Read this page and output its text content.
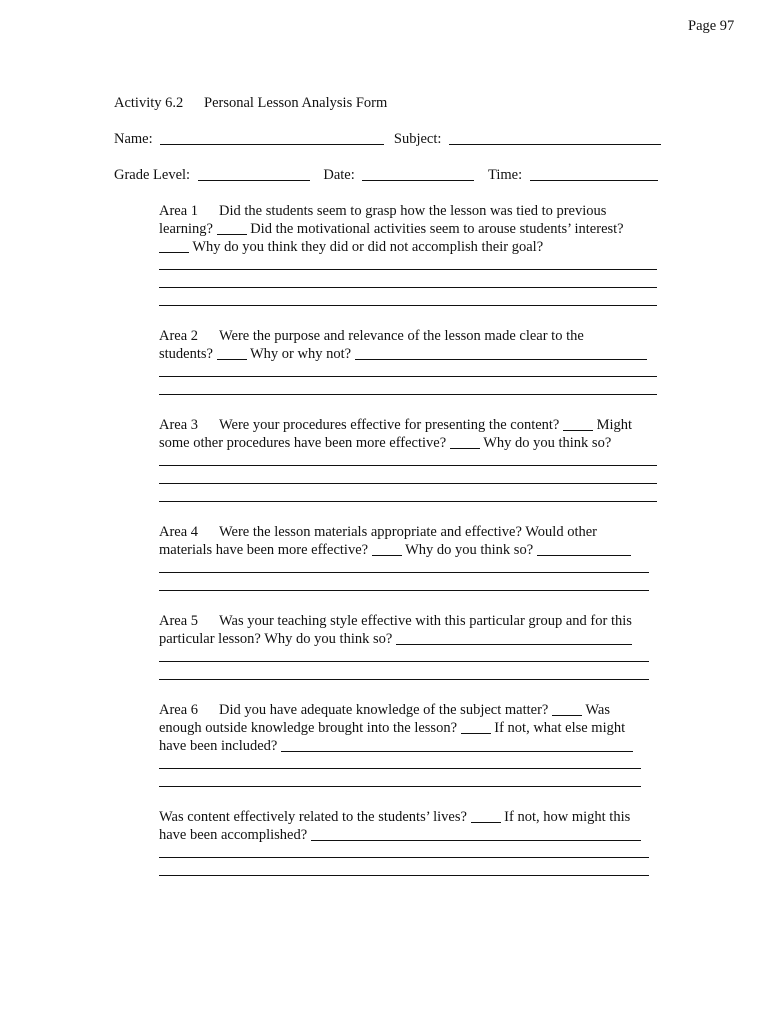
Page 97
Activity 6.2 Personal Lesson Analysis Form
Name:	Subject:
Grade Level:	Date:	Time:
Area 1 Did the students seem to grasp how the lesson was tied to previous
learning?	Did the motivational activities seem to arouse students’ interest?
Why do you think they did or did not accomplish their goal?
Area 2 Were the purpose and relevance of the lesson made clear to the
students?	Why or why not?
Area 3 Were your procedures effective for presenting the content?	Might
some other procedures have been more effective?	Why do you think so?
Area 4 Were the lesson materials appropriate and effective? Would other
materials have been more effective?	Why do you think so?
Area 5 Was your teaching style effective with this particular group and for this
particular lesson? Why do you think so?
Area 6 Did you have adequate knowledge of the subject matter?	Was
enough outside knowledge brought into the lesson?	If not, what else might
have been included?
Was content effectively related to the students’ lives?	If not, how might this
have been accomplished?
